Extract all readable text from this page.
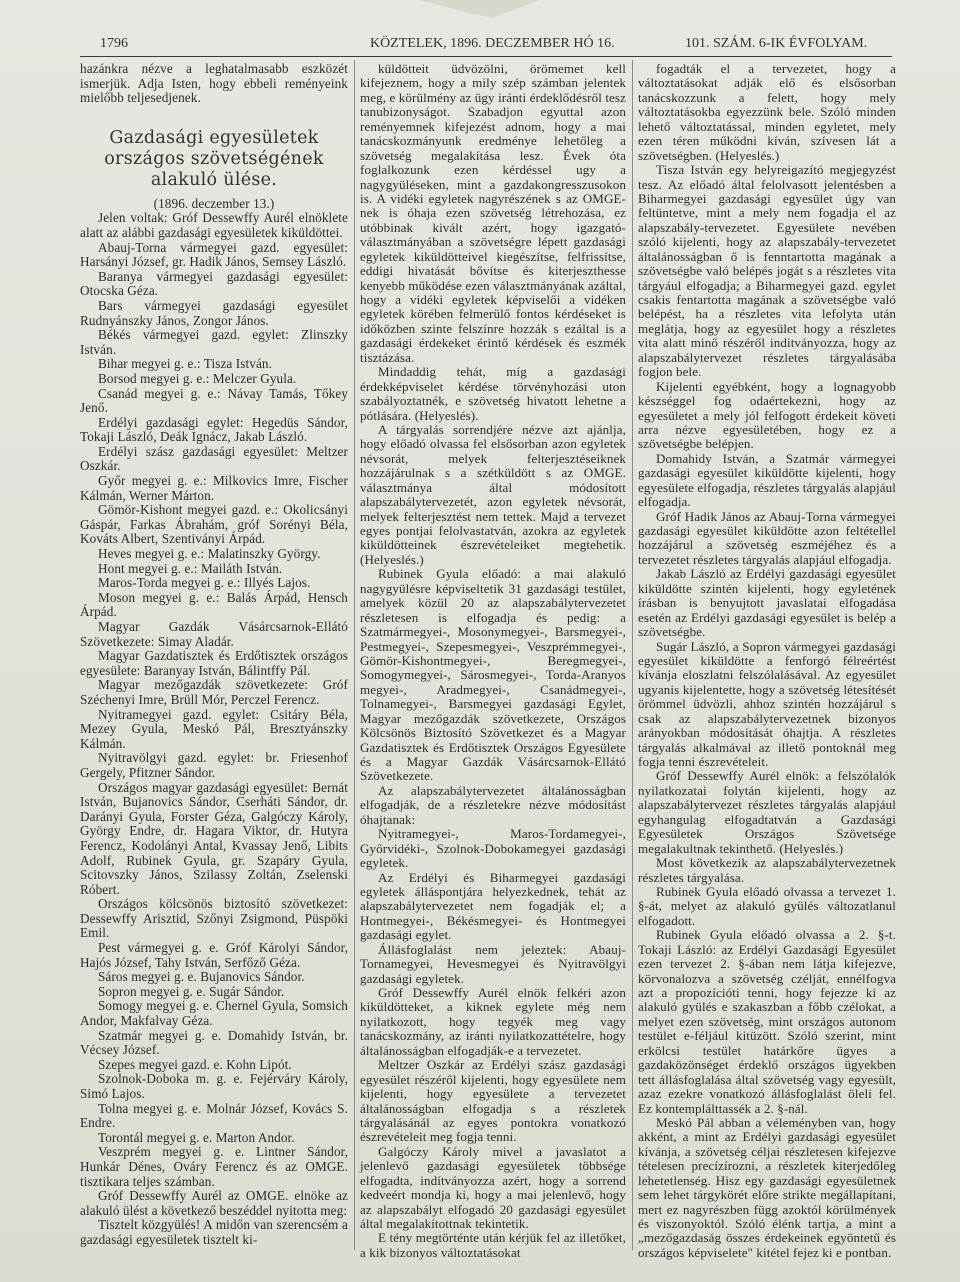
1796	KÖZTELEK, 1896. DECZEMBER HÓ 16.	101. SZÁM. 6-IK ÉVFOLYAM.

hazánkra nézve a leghatalmasabb eszközét ismerjük. Adja Isten, hogy ebbeli reményeink mielőbb teljesedjenek.

Gazdasági egyesületek országos szövetségének alakuló ülése.

(1896. deczember 13.)

Jelen voltak: Gróf Dessewffy Aurél elnöklete alatt az alábbi gazdasági egyesületek kiküldöttei.

Abauj-Torna vármegyei gazd. egyesület: Harsányi József, gr. Hadik János, Semsey László.

Baranya vármegyei gazdasági egyesület: Otocska Géza.

Bars vármegyei gazdasági egyesület Rudnyánszky János, Zongor János.

Békés vármegyei gazd. egylet: Zlinszky István.

Bihar megyei g. e.: Tisza István.

Borsod megyei g. e.: Melczer Gyula.

Csanád megyei g. e.: Návay Tamás, Tőkey Jenő.

Erdélyi gazdasági egylet: Hegedüs Sándor, Tokaji László, Deák Ignácz, Jakab László.

Erdélyi szász gazdasági egyesület: Meltzer Oszkár.

Győr megyei g. e.: Milkovics Imre, Fischer Kálmán, Werner Márton.

Gömör-Kishont megyei gazd. e.: Okolicsányi Gáspár, Farkas Ábrahám, gróf Sorényi Béla, Kováts Albert, Szentiványi Árpád.

Heves megyei g. e.: Malatinszky György.

Hont megyei g. e.: Mailáth István.

Maros-Torda megyei g. e.: Illyés Lajos.

Moson megyei g. e.: Balás Árpád, Hensch Árpád.

Magyar Gazdák Vásárcsarnok-Ellátó Szövetkezete: Simay Aladár.

Magyar Gazdatisztek és Erdőtisztek országos egyesülete: Baranyay István, Bálintffy Pál.

Magyar mezőgazdák szövetkezete: Gróf Széchenyi Imre, Brüll Mór, Perczel Ferencz.

Nyitramegyei gazd. egylet: Csitáry Béla, Mezey Gyula, Meskó Pál, Bresztyánszky Kálmán.

Nyitravölgyi gazd. egylet: br. Friesenhof Gergely, Pfitzner Sándor.

Országos magyar gazdasági egyesület: Bernát István, Bujanovics Sándor, Cserháti Sándor, dr. Darányi Gyula, Forster Géza, Galgóczy Károly, György Endre, dr. Hagara Viktor, dr. Hutyra Ferencz, Kodolányi Antal, Kvassay Jenő, Libits Adolf, Rubinek Gyula, gr. Szapáry Gyula, Scitovszky János, Szilassy Zoltán, Zselenski Róbert.

Országos kölcsönös biztosító szövetkezet: Dessewffy Arisztid, Szőnyi Zsigmond, Püspöki Emil.

Pest vármegyei g. e. Gróf Károlyi Sándor, Hajós József, Tahy István, Serfőző Géza.

Sáros megyei g. e. Bujanovics Sándor.

Sopron megyei g. e. Sugár Sándor.

Somogy megyei g. e. Chernel Gyula, Somsich Andor, Makfalvay Géza.

Szatmár megyei g. e. Domahidy István, br. Vécsey József.

Szepes megyei gazd. e. Kohn Lipót.

Szolnok-Doboka m. g. e. Fejérváry Károly, Simó Lajos.

Tolna megyei g. e. Molnár József, Kovács S. Endre.

Torontál megyei g. e. Marton Andor.

Veszprém megyei g. e. Lintner Sándor, Hunkár Dénes, Ováry Ferencz és az OMGE. tisztikara teljes számban.

Gróf Dessewffy Aurél az OMGE. elnöke az alakuló ülést a következő beszéddel nyitotta meg:

Tisztelt közgyülés! A midőn van szerencsém a gazdasági egyesületek tisztelt ki-

küldötteit üdvözölni, örömemet kell kifejeznem, hogy a mily szép számban jelentek meg, e körülmény az ügy iránti érdeklődésről tesz tanubizonyságot. Szabadjon egyuttal azon reményemnek kifejezést adnom, hogy a mai tanácskozmányunk eredménye lehetőleg a szövetség megalakítása lesz. Évek óta foglalkozunk ezen kérdéssel ugy a nagygyüléseken, mint a gazdakongresszusokon is. A vidéki egyletek nagyrészének s az OMGE-nek is óhaja ezen szövetség létrehozása, ez utóbbinak kivált azért, hogy igazgató-választmányában a szövetségre lépett gazdasági egyletek kiküldötteivel kiegészítse, felfrissítse, eddigi hivatását bővítse és kiterjeszthesse kenyebb működése ezen választmányának azáltal, hogy a vidéki egyletek képviselői a vidéken egyletek körében felmerülő fontos kérdéseket is időközben szinte felszínre hozzák s ezáltal is a gazdasági érdekeket érintő kérdések és eszmék tisztázása.

Mindaddig tehát, míg a gazdasági érdekképviselet kérdése törvényhozási uton szabályoztatnék, e szövetség hivatott lehetne a pótlására. (Helyeslés).

A tárgyalás sorrendjére nézve azt ajánlja, hogy előadó olvassa fel elsősorban azon egyletek névsorát, melyek felterjesztéseiknek hozzájárulnak s a szétküldött s az OMGE. választmánya által módosított alapszabálytervezetét, azon egyletek névsorát, melyek felterjesztést nem tettek. Majd a tervezet egyes pontjai felolvastatván, azokra az egyletek kiküldötteinek észrevételeiket megtehetik. (Helyeslés.)

Rubinek Gyula előadó: a mai alakuló nagygyülésre képviseltetik 31 gazdasági testület, amelyek közül 20 az alapszabálytervezetet részletesen is elfogadja és pedig: a Szatmármegyei-, Mosonymegyei-, Barsmegyei-, Pestmegyei-, Szepesmegyei-, Veszprémmegyei-, Gömör-Kishontmegyei-, Beregmegyei-, Somogymegyei-, Sárosmegyei-, Torda-Aranyos megyei-, Aradmegyei-, Csanádmegyei-, Tolnamegyei-, Barsmegyei gazdasági Egylet, Magyar mezőgazdák szövetkezete, Országos Kölcsönös Biztosító Szövetkezet és a Magyar Gazdatisztek és Erdőtisztek Országos Egyesülete és a Magyar Gazdák Vásárcsarnok-Ellátó Szövetkezete.

Az alapszabálytervezetet általánosságban elfogadják, de a részletekre nézve módosítást óhajtanak:

Nyitramegyei-, Maros-Tordamegyei-, Győrvidéki-, Szolnok-Dobokamegyei gazdasági egyletek.

Az Erdélyi és Biharmegyei gazdasági egyletek álláspontjára helyezkednek, tehát az alapszabálytervezetet nem fogadják el; a Hontmegyei-, Békésmegyei- és Hontmegyei gazdasági egylet.

Állásfoglalást nem jeleztek: Abauj-Tornamegyei, Hevesmegyei és Nyitravölgyi gazdasági egyletek.

Gróf Dessewffy Aurél elnök felkéri azon kiküldötteket, a kiknek egylete még nem nyilatkozott, hogy tegyék meg vagy tanácskozmány, az iránti nyilatkozattételre, hogy általánosságban elfogadják-e a tervezetet.

Meltzer Oszkár az Erdélyi szász gazdasági egyesület részéről kijelenti, hogy egyesülete nem kijelenti, hogy egyesülete a tervezetet általánosságban elfogadja s a részletek tárgyalásánál az egyes pontokra vonatkozó észrevételeit meg fogja tenni.

Galgóczy Károly mivel a javaslatot a jelenlevő gazdasági egyesületek többsége elfogadta, indítványozza azért, hogy a sorrend kedveért mondja ki, hogy a mai jelenlevő, hogy az alapszabályt elfogadó 20 gazdasági egyesület által megalakítottnak tekintetik.

E tény megtörténte után kérjük fel az illetőket, a kik bizonyos változtatásokat

fogadták el a tervezetet, hogy a változtatásokat adják elő és elsősorban tanácskozzunk a felett, hogy mely változtatásokba egyezzünk bele. Szóló minden lehető változtatással, minden egyletet, mely ezen téren működni kíván, szívesen lát a szövetségben. (Helyeslés.)

Tisza István egy helyreigazító megjegyzést tesz. Az előadó által felolvasott jelentésben a Biharmegyei gazdasági egyesület úgy van feltüntetve, mint a mely nem fogadja el az alapszabály-tervezetet. Egyesülete nevében szóló kijelenti, hogy az alapszabály-tervezetet általánosságban ő is fenntartotta magának a szövetségbe való belépés jogát s a részletes vita tárgyául elfogadja; a Biharmegyei gazd. egylet csakis fentartotta magának a szövetségbe való belépést, ha a részletes vita lefolyta után meglátja, hogy az egyesület hogy a részletes vita alatt minő részéről inditványozza, hogy az alapszabálytervezet részletes tárgyalásába fogjon bele.

Kijelenti egyébként, hogy a lognagyobb készséggel fog odaértekezni, hogy az egyesületet a mely jól felfogott érdekeit követi arra nézve egyesületében, hogy ez a szövetségbe belépjen.

Domahidy István, a Szatmár vármegyei gazdasági egyesület kiküldötte kijelenti, hogy egyesülete elfogadja, részletes tárgyalás alapjául elfogadja.

Gróf Hadik János az Abauj-Torna vármegyei gazdasági egyesület kiküldötte azon feltétellel hozzájárul a szövetség eszméjéhez és a tervezetet részletes tárgyalás alapjául elfogadja.

Jakab László az Erdélyi gazdasági egyesület kiküldötte szintén kijelenti, hogy egyletének írásban is benyujtott javaslatai elfogadása esetén az Erdélyi gazdasági egyesület is belép a szövetségbe.

Sugár László, a Sopron vármegyei gazdasági egyesület kiküldötte a fenforgó félreértést kívánja eloszlatni felszólalásával. Az egyesület ugyanis kijelentette, hogy a szövetség létesítését örömmel üdvözli, ahhoz szintén hozzájárul s csak az alapszabálytervezetnek bizonyos arányokban módosítását óhajtja. A részletes tárgyalás alkalmával az illető pontoknál meg fogja tenni észrevételeit.

Gróf Dessewffy Aurél elnök: a felszólalók nyilatkozatai folytán kijelenti, hogy az alapszabálytervezet részletes tárgyalás alapjául egyhangulag elfogadtatván a Gazdasági Egyesületek Országos Szövetsége megalakultnak tekinthető. (Helyeslés.)

Most következik az alapszabálytervezetnek részletes tárgyalása.

Rubinek Gyula előadó olvassa a tervezet 1. §-át, melyet az alakuló gyülés változatlanul elfogadott.

Rubinek Gyula előadó olvassa a 2. §-t. Tokaji László: az Erdélyi Gazdasági Egyesület ezen tervezet 2. §-ában nem látja kifejezve, körvonalozva a szövetség czélját, ennélfogva azt a propozícióti tenni, hogy fejezze ki az alakuló gyülés e szakaszban a főbb czélokat, a melyet ezen szövetség, mint országos autonom testület e-féljául kitüzött. Szóló szerint, mint erkölcsi testület határkőre ügyes a gazdaközönséget érdeklő országos ügyekben tett állásfoglalása által szövetség vagy egyesült, azaz ezekre vonatkozó állásfoglalást öleli fel. Ez kontemplálttassék a 2. §-nál.

Meskó Pál abban a véleményben van, hogy akként, a mint az Erdélyi gazdasági egyesület kívánja, a szövetség céljai részletesen kifejezve tételesen precízírozni, a részletek kiterjedőleg lehetetlenség. Hisz egy gazdasági egyesületnek sem lehet tárgykörét előre strikte megállapítani, mert ez nagyrészben függ azoktól körülmények és viszonyoktól. Szóló élénk tartja, a mint a „mezőgazdaság összes érdekeinek egyöntetű és országos képviselete" kitétel fejez ki e pontban.
